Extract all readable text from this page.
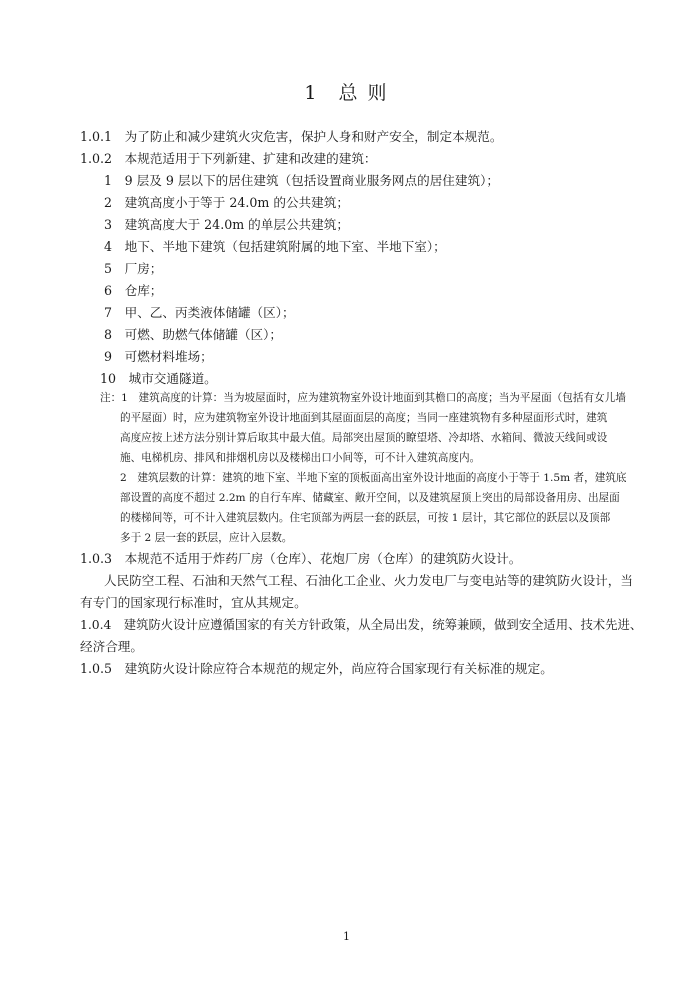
1 总 则
1.0.1　为了防止和减少建筑火灾危害，保护人身和财产安全，制定本规范。
1.0.2　本规范适用于下列新建、扩建和改建的建筑：
1　9 层及 9 层以下的居住建筑（包括设置商业服务网点的居住建筑）；
2　建筑高度小于等于 24.0m 的公共建筑；
3　建筑高度大于 24.0m 的单层公共建筑；
4　地下、半地下建筑（包括建筑附属的地下室、半地下室）；
5　厂房；
6　仓库；
7　甲、乙、丙类液体储罐（区）；
8　可燃、助燃气体储罐（区）；
9　可燃材料堆场；
10　城市交通隧道。
注：1　建筑高度的计算：当为坡屋面时，应为建筑物室外设计地面到其檐口的高度；当为平屋面（包括有女儿墙
的平屋面）时，应为建筑物室外设计地面到其屋面面层的高度；当同一座建筑物有多种屋面形式时，建筑
高度应按上述方法分别计算后取其中最大值。局部突出屋顶的瞭望塔、冷却塔、水箱间、微波天线间或设
施、电梯机房、排风和排烟机房以及楼梯出口小间等，可不计入建筑高度内。
2　建筑层数的计算：建筑的地下室、半地下室的顶板面高出室外设计地面的高度小于等于 1.5m 者，建筑底
部设置的高度不超过 2.2m 的自行车库、储藏室、敞开空间，以及建筑屋顶上突出的局部设备用房、出屋面
的楼梯间等，可不计入建筑层数内。住宅顶部为两层一套的跃层，可按 1 层计，其它部位的跃层以及顶部
多于 2 层一套的跃层，应计入层数。
1.0.3　本规范不适用于炸药厂房（仓库）、花炮厂房（仓库）的建筑防火设计。
人民防空工程、石油和天然气工程、石油化工企业、火力发电厂与变电站等的建筑防火设计，当
有专门的国家现行标准时，宜从其规定。
1.0.4　建筑防火设计应遵循国家的有关方针政策，从全局出发，统筹兼顾，做到安全适用、技术先进、
经济合理。
1.0.5　建筑防火设计除应符合本规范的规定外，尚应符合国家现行有关标准的规定。
1
